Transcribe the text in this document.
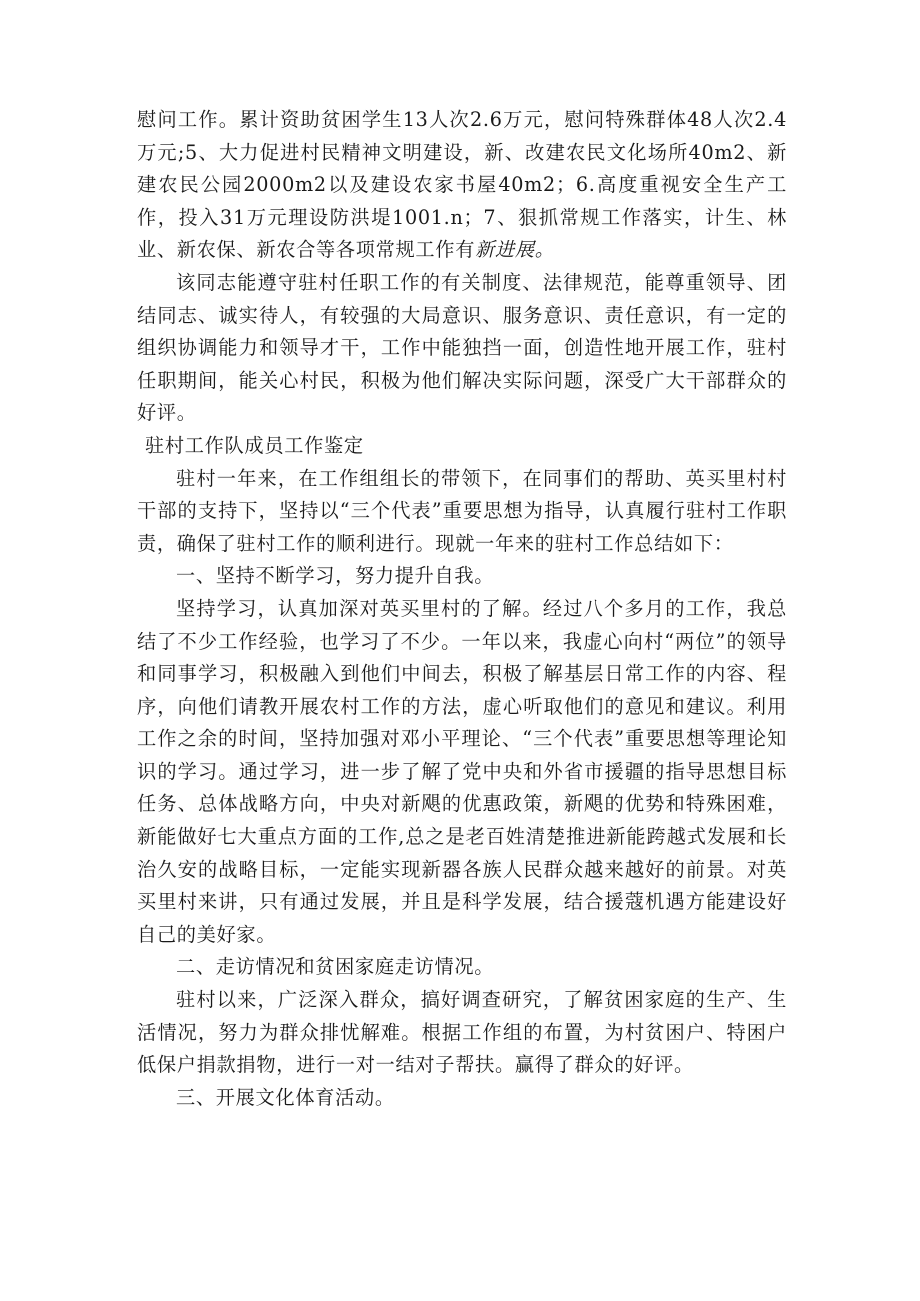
慰问工作。累计资助贫困学生13人次2.6万元，慰问特殊群体48人次2.4万元;5、大力促进村民精神文明建设，新、改建农民文化场所40m2、新建农民公园2000m2以及建设农家书屋40m2；6.高度重视安全生产工作，投入31万元理设防洪堤1001.n；7、狠抓常规工作落实，计生、林业、新农保、新农合等各项常规工作有新进展。

该同志能遵守驻村任职工作的有关制度、法律规范，能尊重领导、团结同志、诚实待人，有较强的大局意识、服务意识、责任意识，有一定的组织协调能力和领导才干，工作中能独挡一面，创造性地开展工作，驻村任职期间，能关心村民，积极为他们解决实际问题，深受广大干部群众的好评。

驻村工作队成员工作鉴定

驻村一年来，在工作组组长的带领下，在同事们的帮助、英买里村村干部的支持下，坚持以“三个代表”重要思想为指导，认真履行驻村工作职责，确保了驻村工作的顺利进行。现就一年来的驻村工作总结如下：

一、坚持不断学习，努力提升自我。

坚持学习，认真加深对英买里村的了解。经过八个多月的工作，我总结了不少工作经验，也学习了不少。一年以来，我虚心向村“两位”的领导和同事学习，积极融入到他们中间去，积极了解基层日常工作的内容、程序，向他们请教开展农村工作的方法，虚心听取他们的意见和建议。利用工作之余的时间，坚持加强对邓小平理论、“三个代表”重要思想等理论知识的学习。通过学习，进一步了解了党中央和外省市援疆的指导思想目标任务、总体战略方向，中央对新飓的优惠政策，新飓的优势和特殊困难，新能做好七大重点方面的工作,总之是老百姓清楚推进新能跨越式发展和长治久安的战略目标，一定能实现新器各族人民群众越来越好的前景。对英买里村来讲，只有通过发展，并且是科学发展，结合援蔻机遇方能建设好自己的美好家。

二、走访情况和贫困家庭走访情况。

驻村以来，广泛深入群众，搞好调查研究，了解贫困家庭的生产、生活情况，努力为群众排忧解难。根据工作组的布置，为村贫困户、特困户低保户捐款捐物，进行一对一结对子帮扶。赢得了群众的好评。

三、开展文化体育活动。
